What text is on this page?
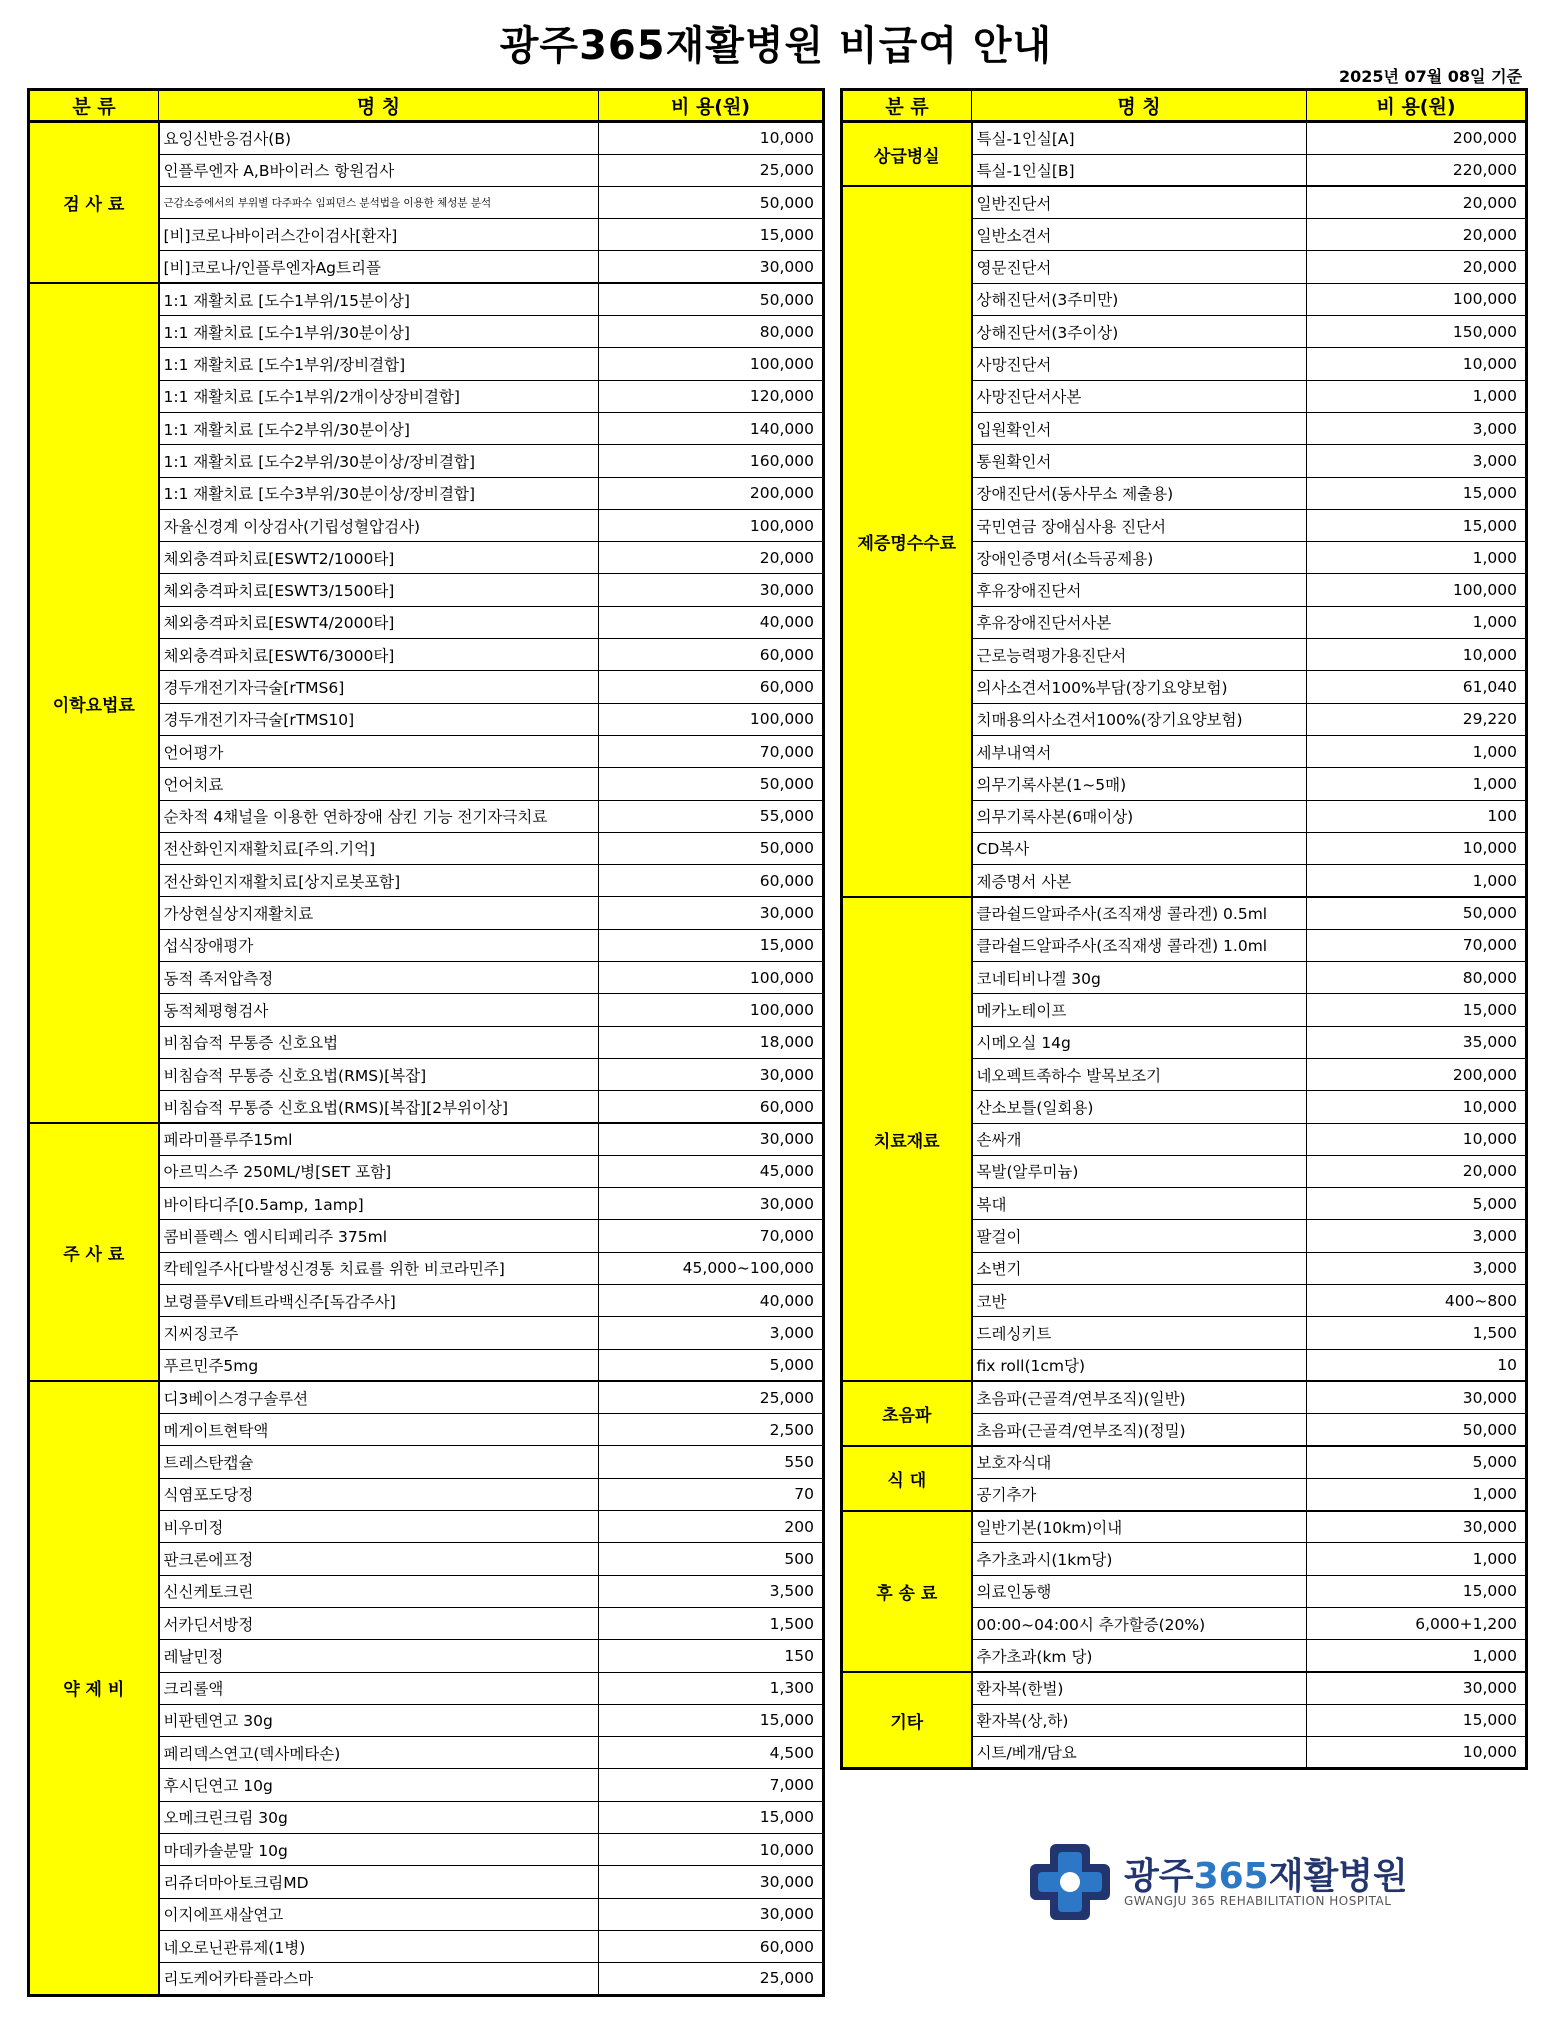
광주365재활병원 비급여 안내
2025년 07월 08일 기준
분 류	명 칭	비 용(원)
검 사 료	요잉신반응검사(B)	10,000
	인플루엔자 A,B바이러스 항원검사	25,000
	근감소증에서의 부위별 다주파수 임피던스 분석법을 이용한 체성분 분석	50,000
	[비]코로나바이러스간이검사[환자]	15,000
	[비]코로나/인플루엔자Ag트리플	30,000
이학요법료	1:1 재활치료 [도수1부위/15분이상]	50,000
	1:1 재활치료 [도수1부위/30분이상]	80,000
	1:1 재활치료 [도수1부위/장비결합]	100,000
	1:1 재활치료 [도수1부위/2개이상장비결합]	120,000
	1:1 재활치료 [도수2부위/30분이상]	140,000
	1:1 재활치료 [도수2부위/30분이상/장비결합]	160,000
	1:1 재활치료 [도수3부위/30분이상/장비결합]	200,000
	자율신경계 이상검사(기립성혈압검사)	100,000
	체외충격파치료[ESWT2/1000타]	20,000
	체외충격파치료[ESWT3/1500타]	30,000
	체외충격파치료[ESWT4/2000타]	40,000
	체외충격파치료[ESWT6/3000타]	60,000
	경두개전기자극술[rTMS6]	60,000
	경두개전기자극술[rTMS10]	100,000
	언어평가	70,000
	언어치료	50,000
	순차적 4채널을 이용한 연하장애 삼킨 기능 전기자극치료	55,000
	전산화인지재활치료[주의.기억]	50,000
	전산화인지재활치료[상지로봇포함]	60,000
	가상현실상지재활치료	30,000
	섭식장애평가	15,000
	동적 족저압측정	100,000
	동적체평형검사	100,000
	비침습적 무통증 신호요법	18,000
	비침습적 무통증 신호요법(RMS)[복잡]	30,000
	비침습적 무통증 신호요법(RMS)[복잡][2부위이상]	60,000
주 사 료	페라미플루주15ml	30,000
	아르믹스주 250ML/병[SET 포함]	45,000
	바이타디주[0.5amp, 1amp]	30,000
	콤비플렉스 엠시티페리주 375ml	70,000
	칵테일주사[다발성신경통 치료를 위한 비코라민주]	45,000~100,000
	보령플루V테트라백신주[독감주사]	40,000
	지씨징코주	3,000
	푸르민주5mg	5,000
약 제 비	디3베이스경구솔루션	25,000
	메게이트현탁액	2,500
	트레스탄캡슐	550
	식염포도당정	70
	비우미정	200
	판크론에프정	500
	신신케토크린	3,500
	서카딘서방정	1,500
	레날민정	150
	크리롤액	1,300
	비판텐연고 30g	15,000
	페리덱스연고(덱사메타손)	4,500
	후시딘연고 10g	7,000
	오메크린크림 30g	15,000
	마데카솔분말 10g	10,000
	리쥬더마아토크림MD	30,000
	이지에프새살연고	30,000
	네오로닌관류제(1병)	60,000
	리도케어카타플라스마	25,000
분 류	명 칭	비 용(원)
상급병실	특실-1인실[A]	200,000
	특실-1인실[B]	220,000
제증명수수료	일반진단서	20,000
	일반소견서	20,000
	영문진단서	20,000
	상해진단서(3주미만)	100,000
	상해진단서(3주이상)	150,000
	사망진단서	10,000
	사망진단서사본	1,000
	입원확인서	3,000
	통원확인서	3,000
	장애진단서(동사무소 제출용)	15,000
	국민연금 장애심사용 진단서	15,000
	장애인증명서(소득공제용)	1,000
	후유장애진단서	100,000
	후유장애진단서사본	1,000
	근로능력평가용진단서	10,000
	의사소견서100%부담(장기요양보험)	61,040
	치매용의사소견서100%(장기요양보험)	29,220
	세부내역서	1,000
	의무기록사본(1~5매)	1,000
	의무기록사본(6매이상)	100
	CD복사	10,000
	제증명서 사본	1,000
치료재료	클라쉴드알파주사(조직재생 콜라겐) 0.5ml	50,000
	클라쉴드알파주사(조직재생 콜라겐) 1.0ml	70,000
	코네티비나겔 30g	80,000
	메카노테이프	15,000
	시메오실 14g	35,000
	네오펙트족하수 발목보조기	200,000
	산소보틀(일회용)	10,000
	손싸개	10,000
	목발(알루미늄)	20,000
	복대	5,000
	팔걸이	3,000
	소변기	3,000
	코반	400~800
	드레싱키트	1,500
	fix roll(1cm당)	10
초음파	초음파(근골격/연부조직)(일반)	30,000
	초음파(근골격/연부조직)(정밀)	50,000
식 대	보호자식대	5,000
	공기추가	1,000
후 송 료	일반기본(10km)이내	30,000
	추가초과시(1km당)	1,000
	의료인동행	15,000
	00:00~04:00시 추가할증(20%)	6,000+1,200
	추가초과(km 당)	1,000
기타	환자복(한벌)	30,000
	환자복(상,하)	15,000
	시트/베개/담요	10,000
광주365재활병원
GWANGJU 365 REHABILITATION HOSPITAL
